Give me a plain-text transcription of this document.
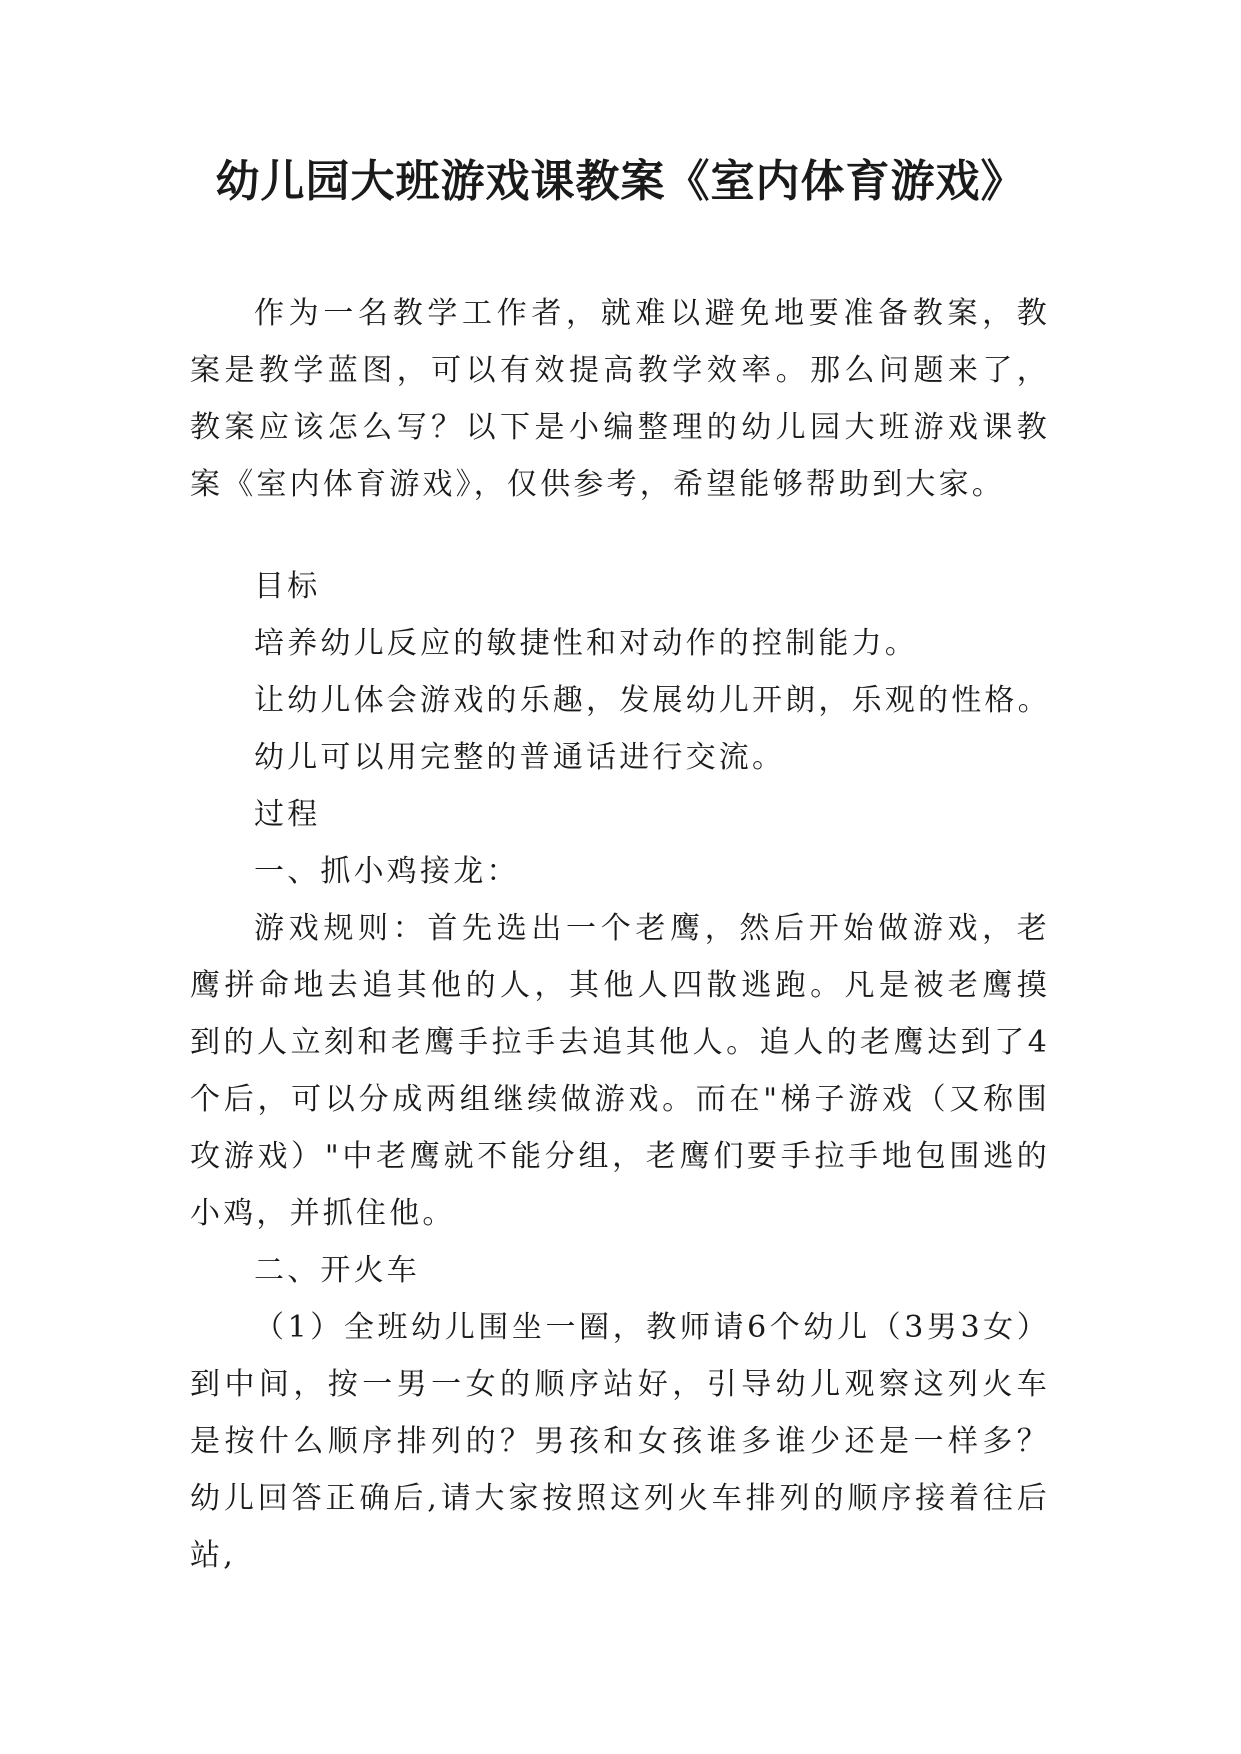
幼儿园大班游戏课教案《室内体育游戏》

作为一名教学工作者，就难以避免地要准备教案，教案是教学蓝图，可以有效提高教学效率。那么问题来了，教案应该怎么写？以下是小编整理的幼儿园大班游戏课教案《室内体育游戏》，仅供参考，希望能够帮助到大家。

目标

培养幼儿反应的敏捷性和对动作的控制能力。

让幼儿体会游戏的乐趣，发展幼儿开朗，乐观的性格。

幼儿可以用完整的普通话进行交流。

过程

一、抓小鸡接龙：

游戏规则：首先选出一个老鹰，然后开始做游戏，老鹰拼命地去追其他的人，其他人四散逃跑。凡是被老鹰摸到的人立刻和老鹰手拉手去追其他人。追人的老鹰达到了4个后，可以分成两组继续做游戏。而在"梯子游戏（又称围攻游戏）"中老鹰就不能分组，老鹰们要手拉手地包围逃的小鸡，并抓住他。

二、开火车

（1）全班幼儿围坐一圈，教师请6个幼儿（3男3女）到中间，按一男一女的顺序站好，引导幼儿观察这列火车是按什么顺序排列的？男孩和女孩谁多谁少还是一样多？幼儿回答正确后,请大家按照这列火车排列的顺序接着往后站,
